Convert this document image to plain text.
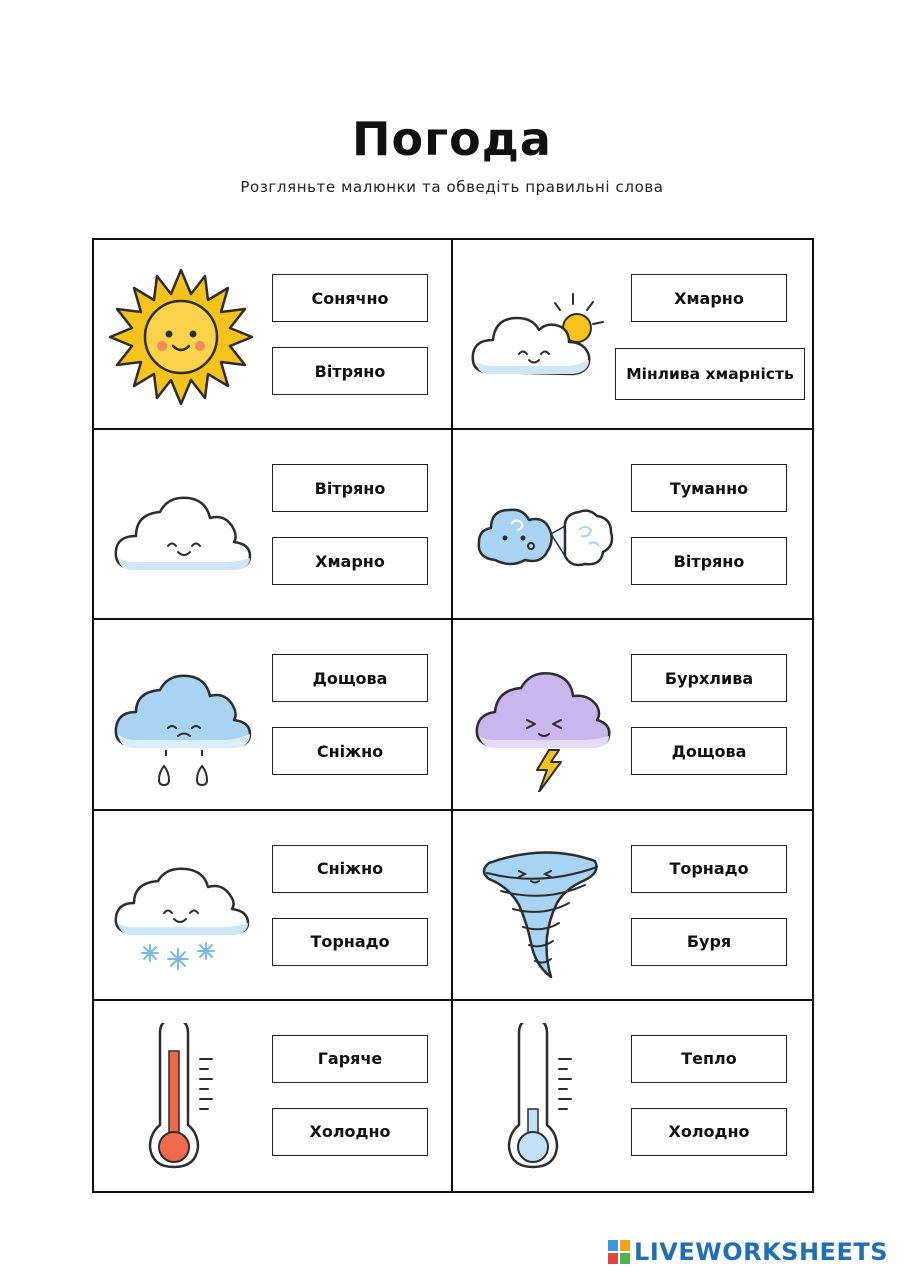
Погода
Розгляньте малюнки та обведіть правильні слова
Сонячно
Вітряно
Хмарно
Мінлива хмарність
Вітряно
Хмарно
Туманно
Вітряно
Дощова
Сніжно
Бурхлива
Дощова
Сніжно
Торнадо
Торнадо
Буря
Гаряче
Холодно
Тепло
Холодно
LIVEWORKSHEETS
